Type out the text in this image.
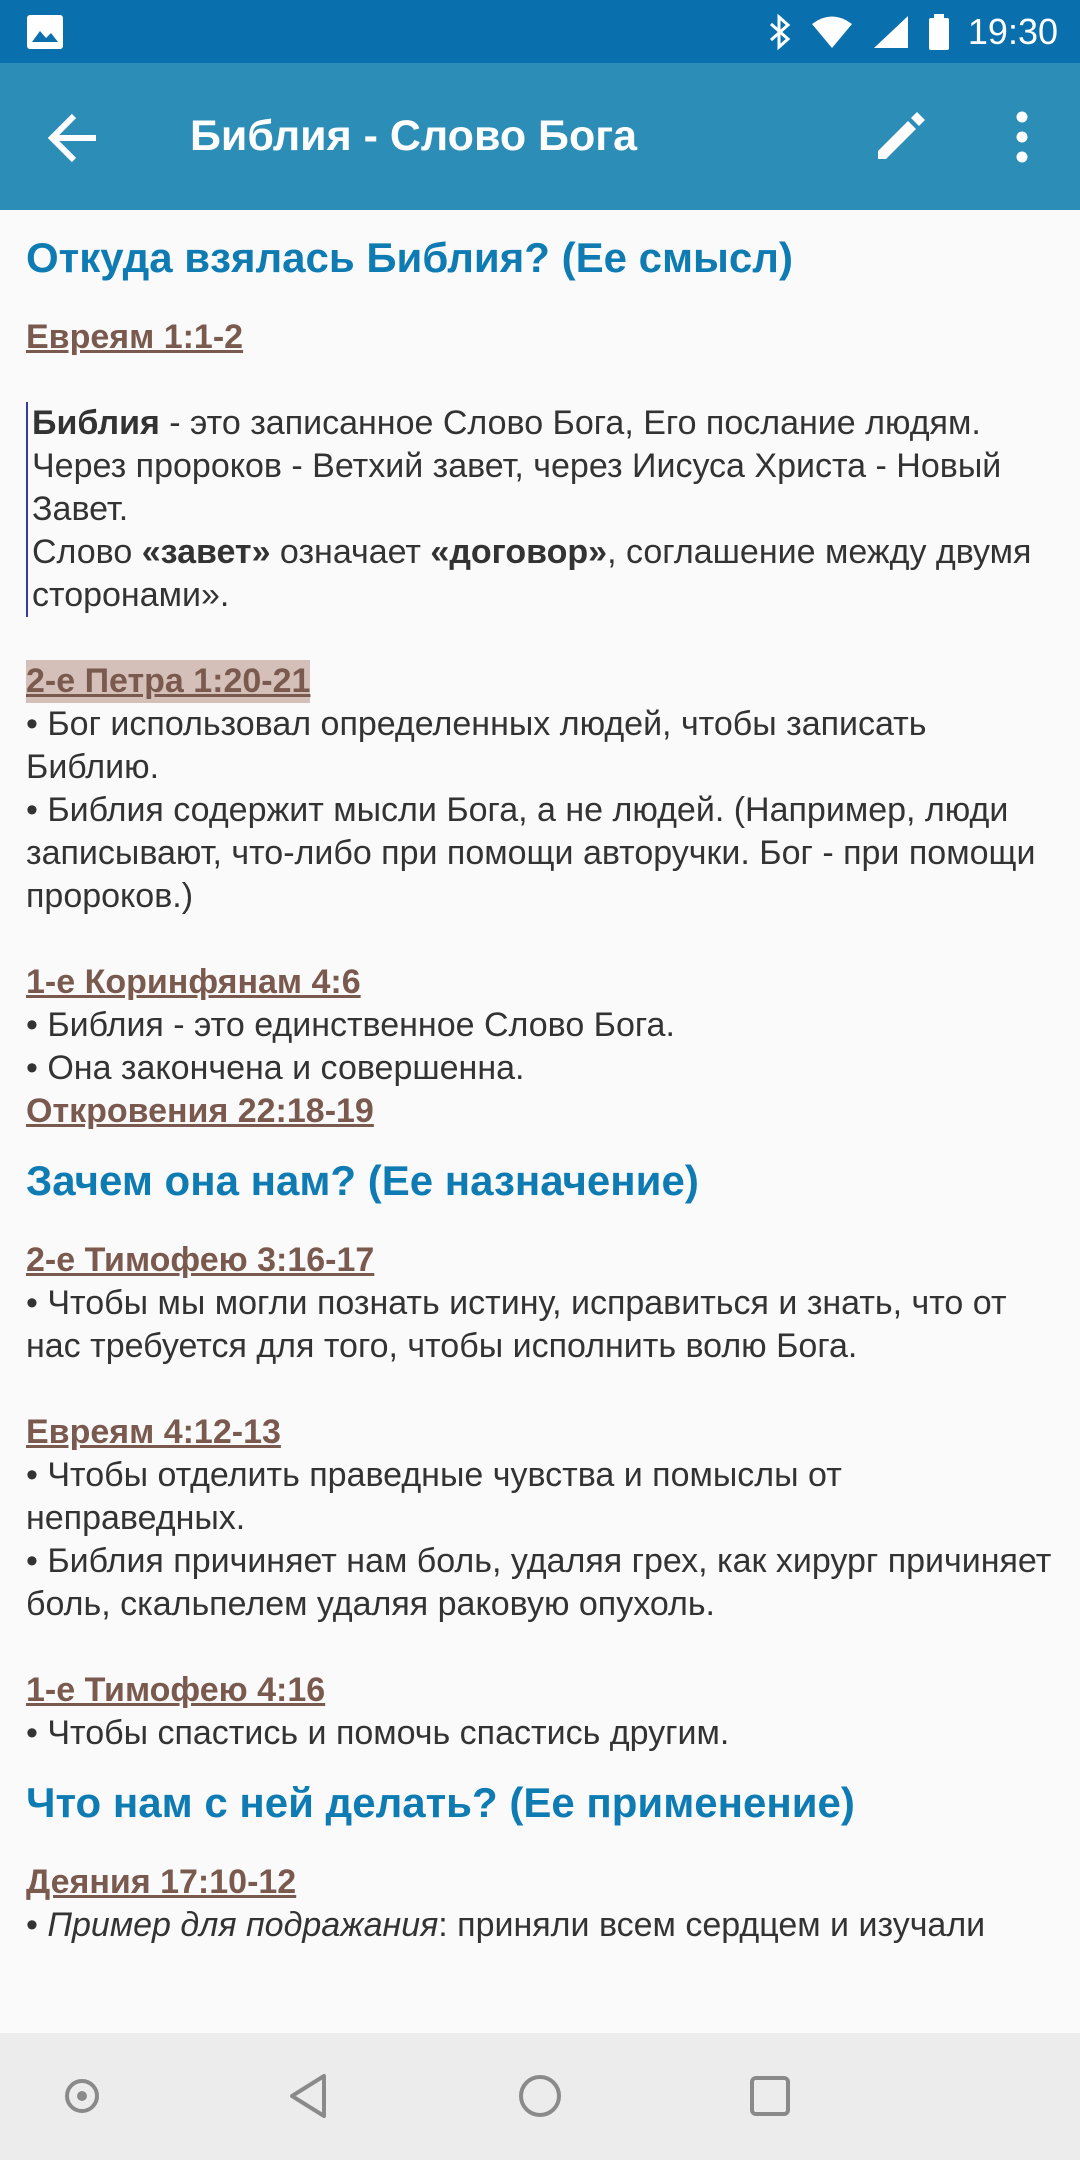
19:30
Библия - Слово Бога
Откуда взялась Библия? (Ее смысл)
Евреям 1:1-2

Библия - это записанное Слово Бога, Его послание людям. Через пророков - Ветхий завет, через Иисуса Христа - Новый Завет.

Слово «завет» означает «договор», соглашение между двумя сторонами».

2-е Петра 1:20-21

• Бог использовал определенных людей, чтобы записать Библию.

• Библия содержит мысли Бога, а не людей. (Например, люди записывают, что-либо при помощи авторучки. Бог - при помощи пророков.)

1-е Коринфянам 4:6

• Библия - это единственное Слово Бога.

• Она закончена и совершенна.

Откровения 22:18-19
Зачем она нам? (Ее назначение)
2-е Тимофею 3:16-17

• Чтобы мы могли познать истину, исправиться и знать, что от нас требуется для того, чтобы исполнить волю Бога.

Евреям 4:12-13

• Чтобы отделить праведные чувства и помыслы от неправедных.

• Библия причиняет нам боль, удаляя грех, как хирург причиняет боль, скальпелем удаляя раковую опухоль.

1-е Тимофею 4:16

• Чтобы спастись и помочь спастись другим.

Что нам с ней делать? (Ее применение)
Деяния 17:10-12

• Пример для подражания: приняли всем сердцем и изучали
